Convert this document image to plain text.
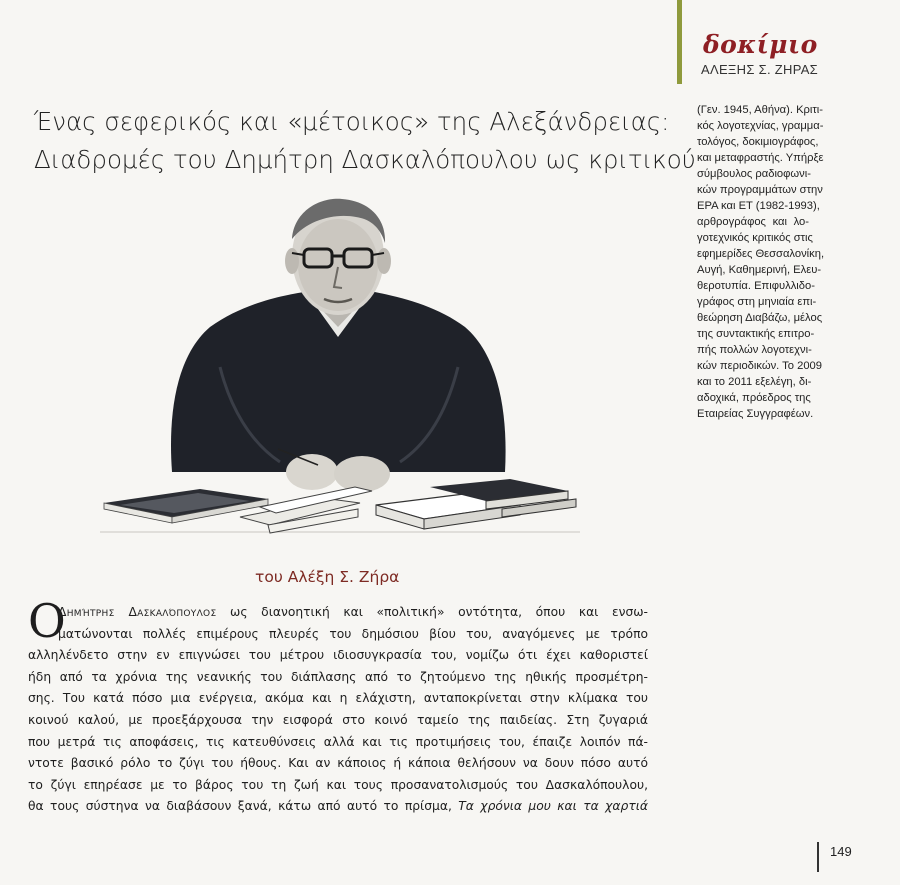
δοκίμιο
ΑΛΕΞΗΣ Σ. ΖΗΡΑΣ
Ένας σεφερικός και «μέτοικος» της Αλεξάνδρειας:
Διαδρομές του Δημήτρη Δασκαλόπουλου ως κριτικού
(Γεν. 1945, Αθήνα). Κριτι-
κός λογοτεχνίας, γραμμα-
τολόγος, δοκιμιογράφος,
και μεταφραστής. Υπήρξε
σύμβουλος ραδιοφωνι-
κών προγραμμάτων στην
ΕΡΑ και ΕΤ (1982-1993),
αρθρογράφος και λο-
γοτεχνικός κριτικός στις
εφημερίδες Θεσσαλονίκη,
Αυγή, Καθημερινή, Ελευ-
θεροτυπία. Επιφυλλιδο-
γράφος στη μηνιαία επι-
θεώρηση Διαβάζω, μέλος
της συντακτικής επιτρο-
πής πολλών λογοτεχνι-
κών περιοδικών. Το 2009
και το 2011 εξελέγη, δι-
αδοχικά, πρόεδρος της
Εταιρείας Συγγραφέων.
του Αλέξη Σ. Ζήρα
Ο
Δημήτρης Δασκαλόπουλος ως διανοητική και «πολιτική» οντότητα, όπου και ενσω-
ματώνονται πολλές επιμέρους πλευρές του δημόσιου βίου του, αναγόμενες με τρόπο
αλληλένδετο στην εν επιγνώσει του μέτρου ιδιοσυγκρασία του, νομίζω ότι έχει καθοριστεί
ήδη από τα χρόνια της νεανικής του διάπλασης από το ζητούμενο της ηθικής προσμέτρη-
σης. Του κατά πόσο μια ενέργεια, ακόμα και η ελάχιστη, ανταποκρίνεται στην κλίμακα του
κοινού καλού, με προεξάρχουσα την εισφορά στο κοινό ταμείο της παιδείας. Στη ζυγαριά
που μετρά τις αποφάσεις, τις κατευθύνσεις αλλά και τις προτιμήσεις του, έπαιζε λοιπόν πά-
ντοτε βασικό ρόλο το ζύγι του ήθους. Και αν κάποιος ή κάποια θελήσουν να δουν πόσο αυτό
το ζύγι επηρέασε με το βάρος του τη ζωή και τους προσανατολισμούς του Δασκαλόπουλου,
θα τους σύστηνα να διαβάσουν ξανά, κάτω από αυτό το πρίσμα, Τα χρόνια μου και τα χαρτιά
149
